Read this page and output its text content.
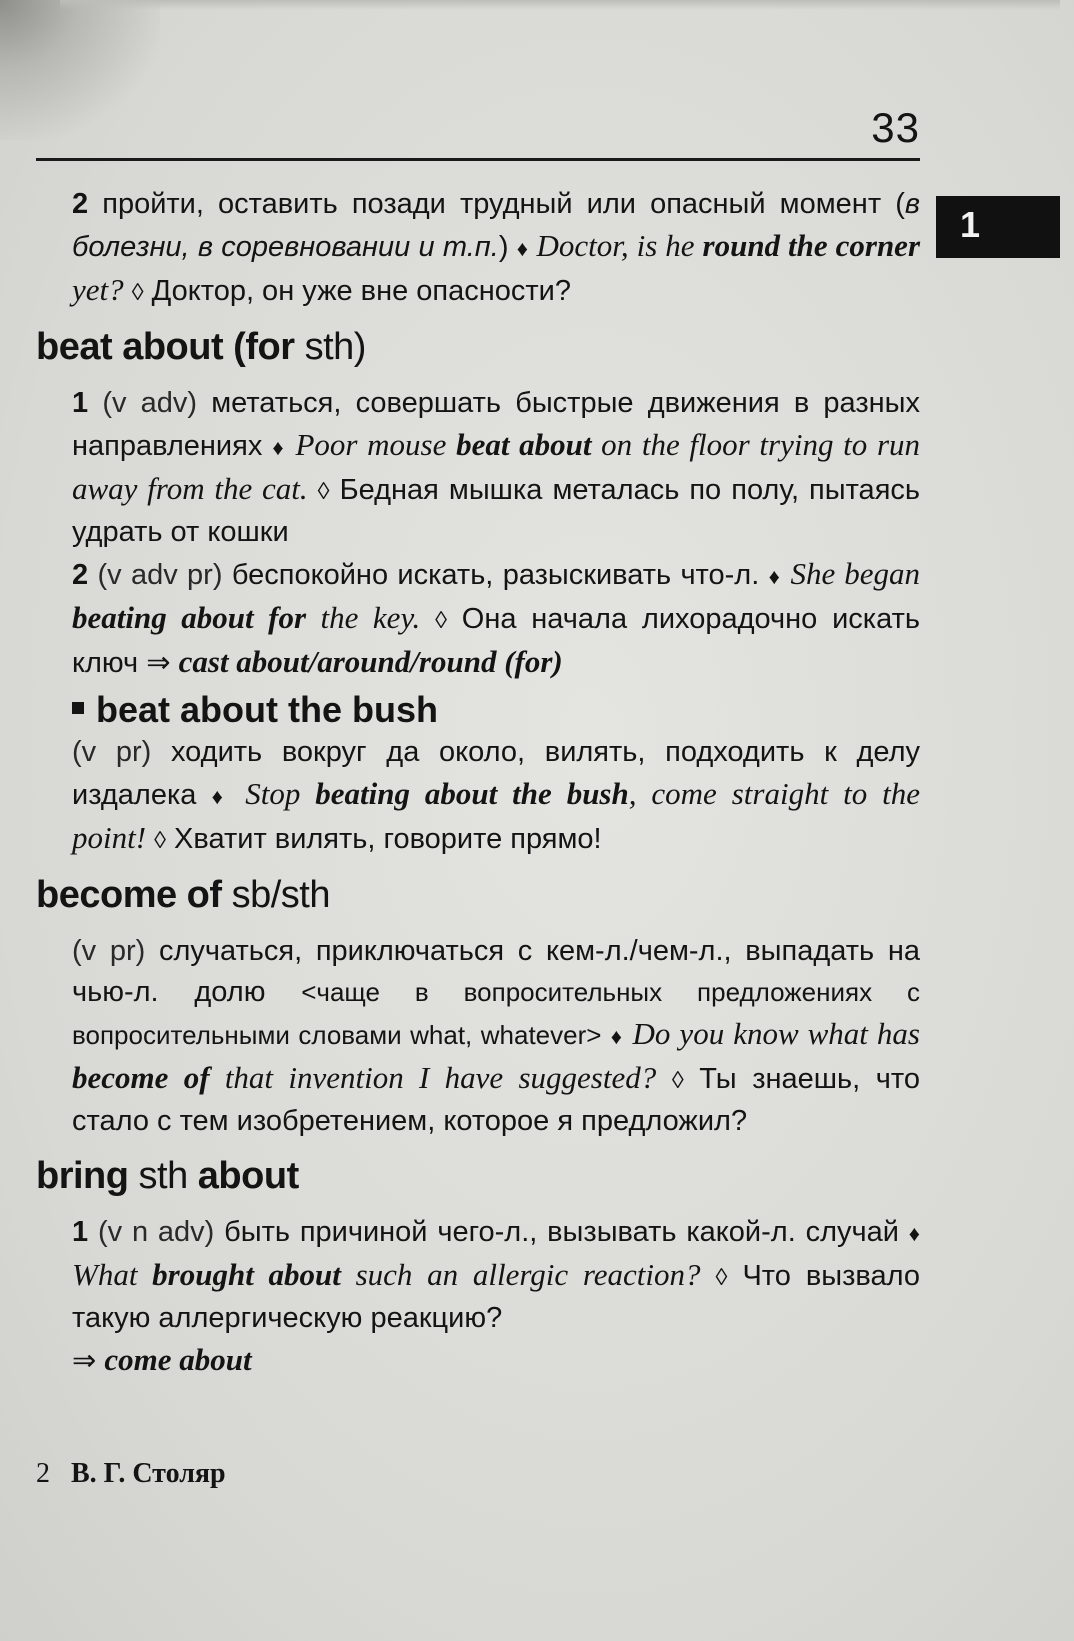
33
1
2 пройти, оставить позади трудный или опасный момент (в болезни, в соревновании и т.п.) ♦ Doctor, is he round the corner yet? ◊ Доктор, он уже вне опасности?
beat about (for sth)
1 (v adv) метаться, совершать быстрые движения в разных направлениях ♦ Poor mouse beat about on the floor trying to run away from the cat. ◊ Бедная мышка металась по полу, пытаясь удрать от кошки
2 (v adv pr) беспокойно искать, разыскивать что-л. ♦ She began beating about for the key. ◊ Она начала лихорадочно искать ключ ⇒ cast about/around/round (for)
beat about the bush
(v pr) ходить вокруг да около, вилять, подходить к делу издалека ♦ Stop beating about the bush, come straight to the point! ◊ Хватит вилять, говорите прямо!
become of sb/sth
(v pr) случаться, приключаться с кем-л./чем-л., выпадать на чью-л. долю <чаще в вопросительных предложениях с вопросительными словами what, whatever> ♦ Do you know what has become of that invention I have suggested? ◊ Ты знаешь, что стало с тем изобретением, которое я предложил?
bring sth about
1 (v n adv) быть причиной чего-л., вызывать какой-л. случай ♦ What brought about such an allergic reaction? ◊ Что вызвало такую аллергическую реакцию?
⇒ come about
2 В. Г. Столяр
